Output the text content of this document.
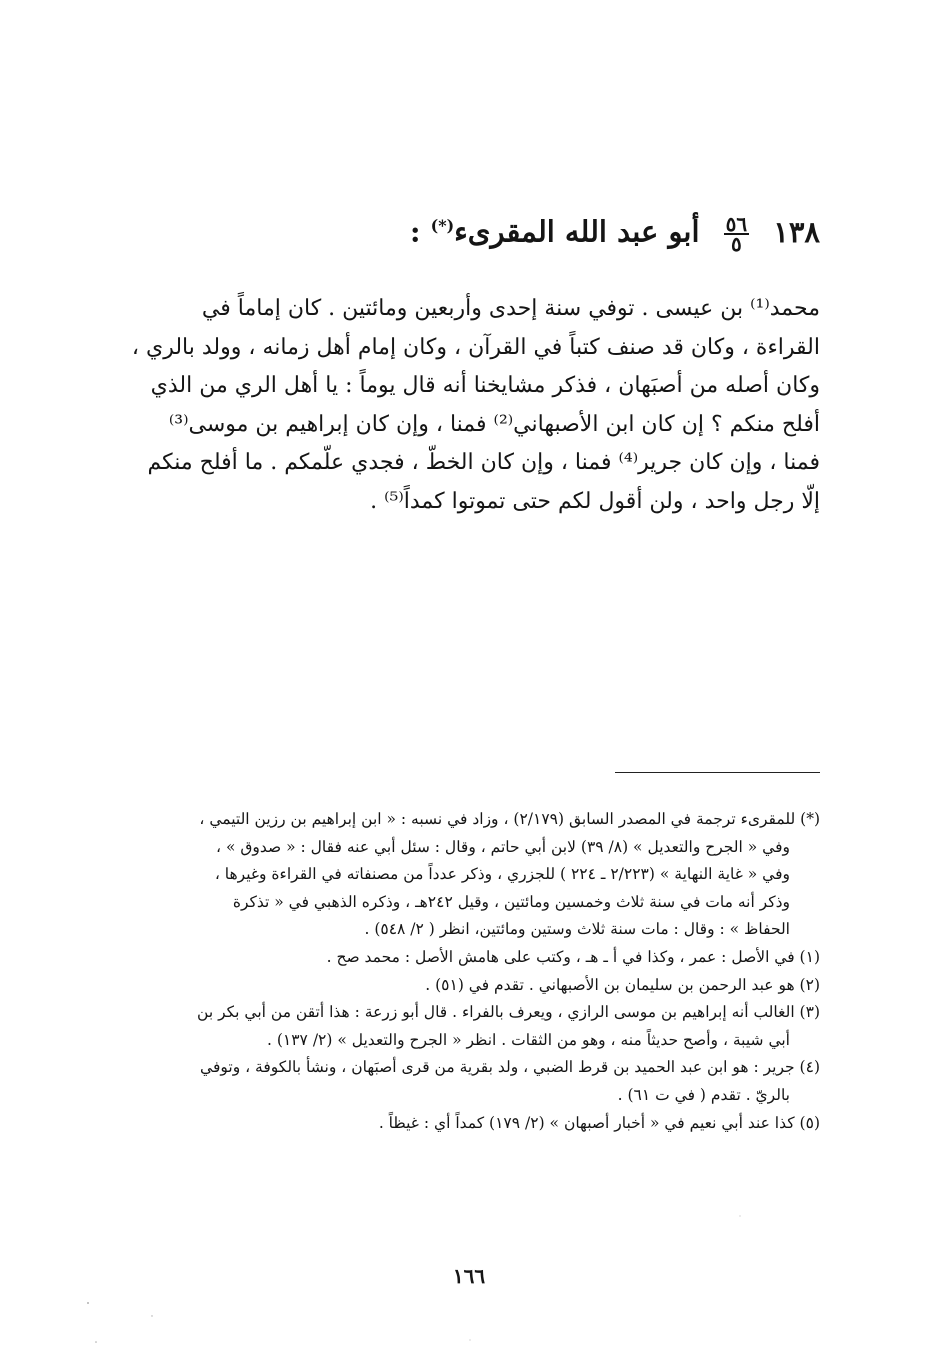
١٣٨
٥٦
٥
أبو عبد الله المقرىء(*) :
محمد⁽¹⁾ بن عيسى . توفي سنة إحدى وأربعين ومائتين . كان إماماً في
القراءة ، وكان قد صنف كتباً في القرآن ، وكان إمام أهل زمانه ، وولد بالري ،
وكان أصله من أصبَهان ، فذكر مشايخنا أنه قال يوماً : يا أهل الري من الذي
أفلح منكم ؟ إن كان ابن الأصبهاني⁽²⁾ فمنا ، وإن كان إبراهيم بن موسى⁽³⁾
فمنا ، وإن كان جرير⁽⁴⁾ فمنا ، وإن كان الخطّ ، فجدي علّمكم . ما أفلح منكم
إلّا رجل واحد ، ولن أقول لكم حتى تموتوا كمداً⁽⁵⁾ .
(*) للمقرىء ترجمة في المصدر السابق (٢/١٧٩) ، وزاد في نسبه : « ابن إبراهيم بن رزين التيمي ،
وفي « الجرح والتعديل » (٨/ ٣٩) لابن أبي حاتم ، وقال : سئل أبي عنه فقال : « صدوق » ،
وفي « غاية النهاية » (٢/٢٢٣ ـ ٢٢٤ ) للجزري ، وذكر عدداً من مصنفاته في القراءة وغيرها ،
وذكر أنه مات في سنة ثلاث وخمسين ومائتين ، وقيل ٢٤٢هـ ، وذكره الذهبي في « تذكرة
الحفاظ » : وقال : مات سنة ثلاث وستين ومائتين، انظر ( ٢/ ٥٤٨) .
(١) في الأصل : عمر ، وكذا في أ ـ هـ ، وكتب على هامش الأصل : محمد صح .
(٢) هو عبد الرحمن بن سليمان بن الأصبهاني . تقدم في (٥١) .
(٣) الغالب أنه إبراهيم بن موسى الرازي ، ويعرف بالفراء . قال أبو زرعة : هذا أتقن من أبي بكر بن
أبي شيبة ، وأصح حديثاً منه ، وهو من الثقات . انظر « الجرح والتعديل » (٢/ ١٣٧) .
(٤) جرير : هو ابن عبد الحميد بن قرط الضبي ، ولد بقرية من قرى أصبَهان ، ونشأ بالكوفة ، وتوفي
بالريّ . تقدم ( في ت ٦١) .
(٥) كذا عند أبي نعيم في « أخبار أصبهان » (٢/ ١٧٩) كمداً أي : غيظاً .
١٦٦
